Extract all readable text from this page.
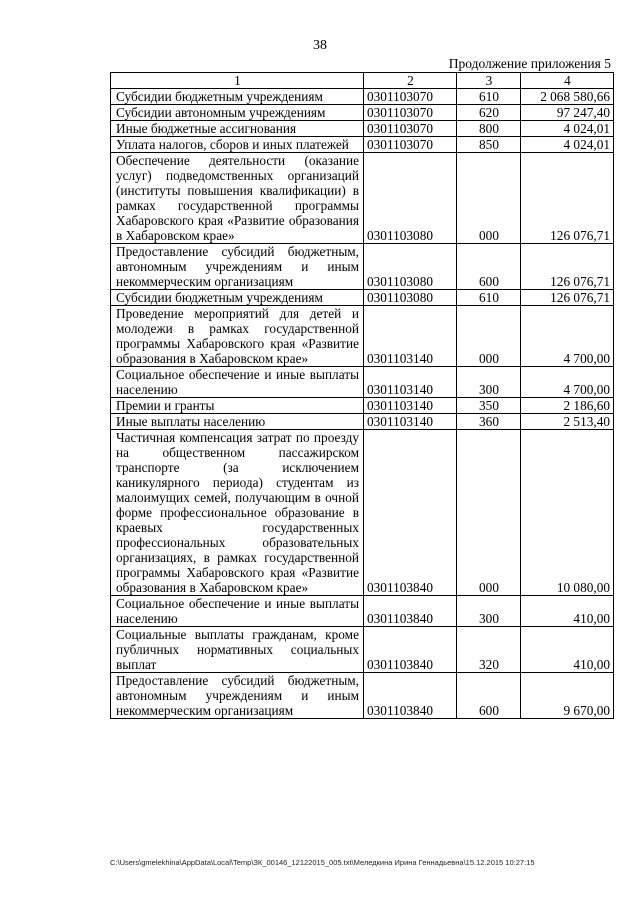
38
Продолжение приложения 5
1	2	3	4
Субсидии бюджетным учреждениям	0301103070	610	2 068 580,66
Субсидии автономным учреждениям	0301103070	620	97 247,40
Иные бюджетные ассигнования	0301103070	800	4 024,01
Уплата налогов, сборов и иных платежей	0301103070	850	4 024,01
Обеспечение деятельности (оказание услуг) подведомственных организаций (институты повышения квалификации) в рамках государственной программы Хабаровского края «Развитие образования в Хабаровском крае»	0301103080	000	126 076,71
Предоставление субсидий бюджетным, автономным учреждениям и иным некоммерческим организациям	0301103080	600	126 076,71
Субсидии бюджетным учреждениям	0301103080	610	126 076,71
Проведение мероприятий для детей и молодежи в рамках государственной программы Хабаровского края «Развитие образования в Хабаровском крае»	0301103140	000	4 700,00
Социальное обеспечение и иные выплаты населению	0301103140	300	4 700,00
Премии и гранты	0301103140	350	2 186,60
Иные выплаты населению	0301103140	360	2 513,40
Частичная компенсация затрат по проезду на общественном пассажирском транспорте (за исключением каникулярного периода) студентам из малоимущих семей, получающим в очной форме профессиональное образование в краевых государственных профессиональных образовательных организациях, в рамках государственной программы Хабаровского края «Развитие образования в Хабаровском крае»	0301103840	000	10 080,00
Социальное обеспечение и иные выплаты населению	0301103840	300	410,00
Социальные выплаты гражданам, кроме публичных нормативных социальных выплат	0301103840	320	410,00
Предоставление субсидий бюджетным, автономным учреждениям и иным некоммерческим организациям	0301103840	600	9 670,00
C:\Users\gmelekhina\AppData\Local\Temp\ЗК_00146_12122015_005.txt\Меледкина Ирина Геннадьевна\15.12.2015 10:27:15
